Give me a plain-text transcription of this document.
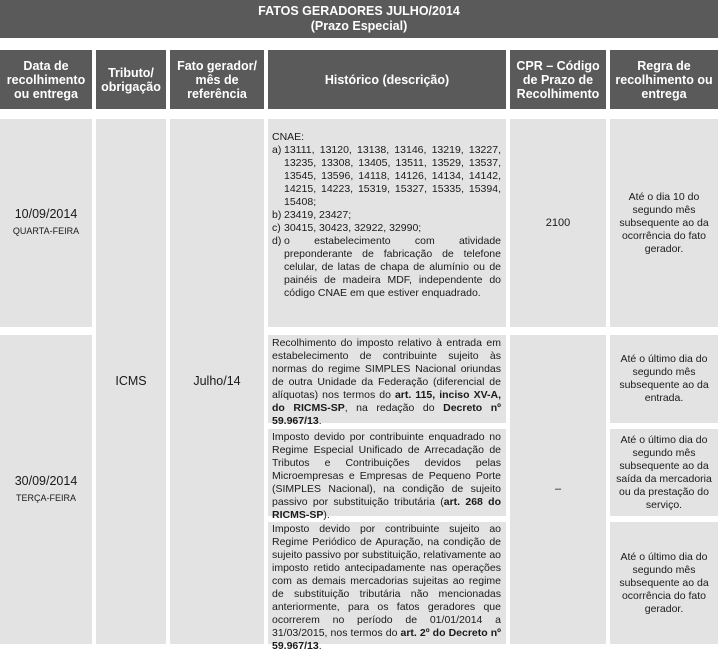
FATOS GERADORES JULHO/2014
(Prazo Especial)
Data de recolhimento ou entrega
Tributo/ obrigação
Fato gerador/ mês de referência
Histórico (descrição)
CPR – Código de Prazo de Recolhimento
Regra de recolhimento ou entrega
10/09/2014
QUARTA-FEIRA
30/09/2014
TERÇA-FEIRA
ICMS	Julho/14
CNAE:
a) 13111, 13120, 13138, 13146, 13219, 13227, 13235, 13308, 13405, 13511, 13529, 13537, 13545, 13596, 14118, 14126, 14134, 14142, 14215, 14223, 15319, 15327, 15335, 15394, 15408;
b) 23419, 23427;
c) 30415, 30423, 32922, 32990;
d) o estabelecimento com atividade preponderante de fabricação de telefone celular, de latas de chapa de alumínio ou de painéis de madeira MDF, independente do código CNAE em que estiver enquadrado.
Recolhimento do imposto relativo à entrada em estabelecimento de contribuinte sujeito às normas do regime SIMPLES Nacional oriundas de outra Unidade da Federação (diferencial de alíquotas) nos termos do art. 115, inciso XV-A, do RICMS-SP, na redação do Decreto nº 59.967/13.
Imposto devido por contribuinte enquadrado no Regime Especial Unificado de Arrecadação de Tributos e Contribuições devidos pelas Microempresas e Empresas de Pequeno Porte (SIMPLES Nacional), na condição de sujeito passivo por substituição tributária (art. 268 do RICMS-SP).
Imposto devido por contribuinte sujeito ao Regime Periódico de Apuração, na condição de sujeito passivo por substituição, relativamente ao imposto retido antecipadamente nas operações com as demais mercadorias sujeitas ao regime de substituição tributária não mencionadas anteriormente, para os fatos geradores que ocorrerem no período de 01/01/2014 a 31/03/2015, nos termos do art. 2º do Decreto nº 59.967/13.
2100
–
Até o dia 10 do segundo mês subsequente ao da ocorrência do fato gerador.
Até o último dia do segundo mês subsequente ao da entrada.
Até o último dia do segundo mês subsequente ao da saída da mercadoria ou da prestação do serviço.
Até o último dia do segundo mês subsequente ao da ocorrência do fato gerador.
